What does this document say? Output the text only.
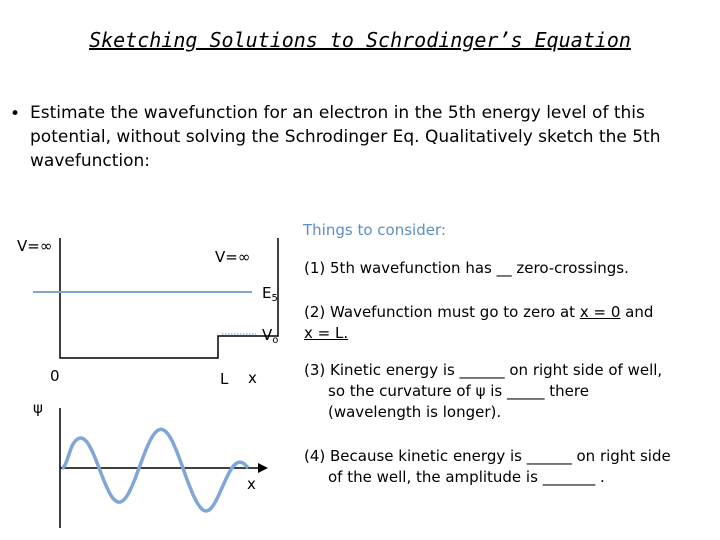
Sketching Solutions to Schrodinger’s Equation
• Estimate the wavefunction for an electron in the 5th energy level of this potential, without solving the Schrodinger Eq. Qualitatively sketch the 5th wavefunction:
V=∞
V=∞
$E_5$
$V_o$
0	L x
ψ
x
Things to consider:
(1) 5th wavefunction has __ zero-crossings.
(2) Wavefunction must go to zero at x = 0 and
x = L.
(3) Kinetic energy is ______ on right side of well,
so the curvature of ψ is _____ there
(wavelength is longer).
(4) Because kinetic energy is ______ on right side
of the well, the amplitude is _______ .
